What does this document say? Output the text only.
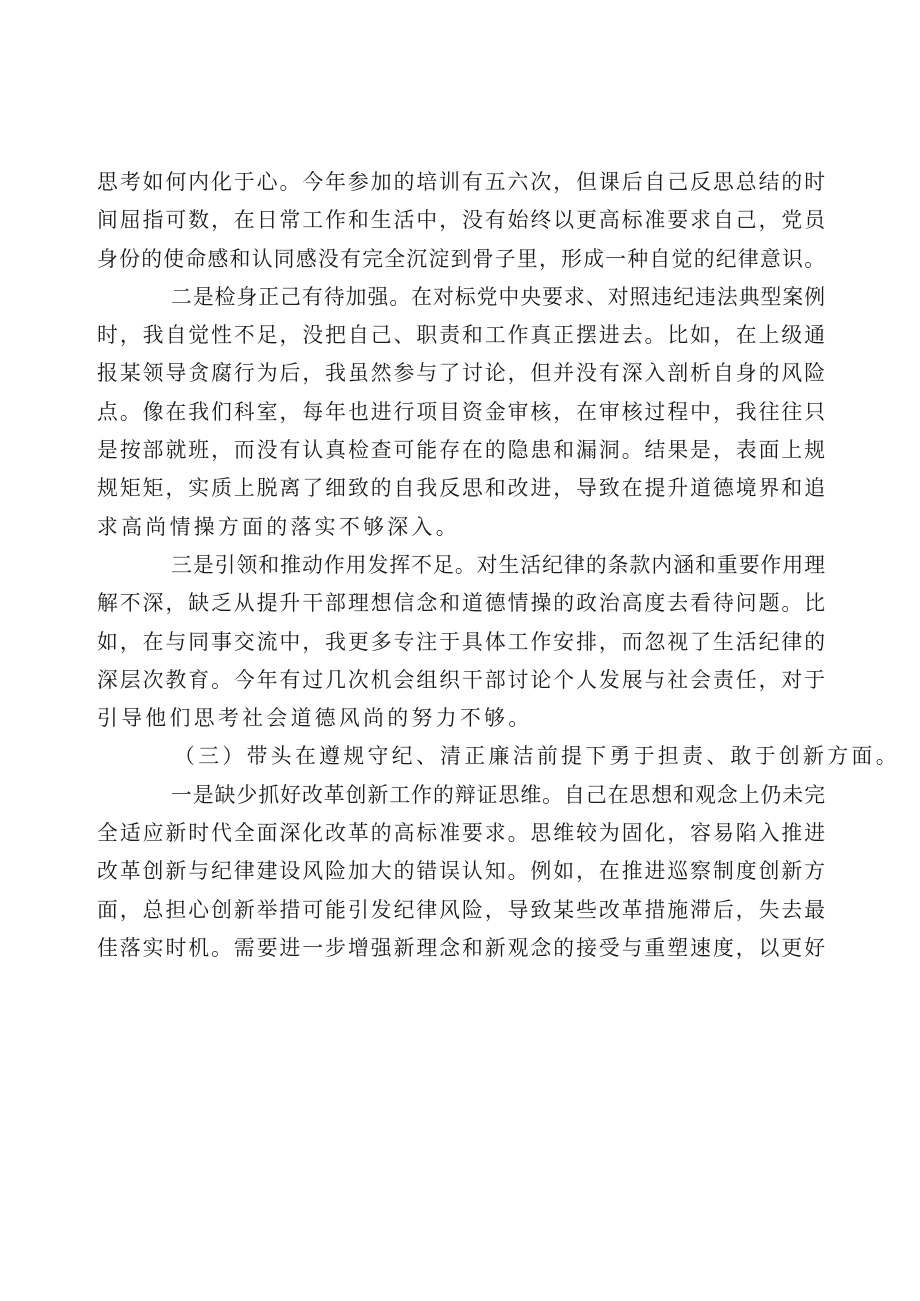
思考如何内化于心。今年参加的培训有五六次，但课后自己反思总结的时
间屈指可数，在日常工作和生活中，没有始终以更高标准要求自己，党员
身份的使命感和认同感没有完全沉淀到骨子里，形成一种自觉的纪律意识。
二是检身正己有待加强。在对标党中央要求、对照违纪违法典型案例
时，我自觉性不足，没把自己、职责和工作真正摆进去。比如，在上级通
报某领导贪腐行为后，我虽然参与了讨论，但并没有深入剖析自身的风险
点。像在我们科室，每年也进行项目资金审核，在审核过程中，我往往只
是按部就班，而没有认真检查可能存在的隐患和漏洞。结果是，表面上规
规矩矩，实质上脱离了细致的自我反思和改进，导致在提升道德境界和追
求高尚情操方面的落实不够深入。
三是引领和推动作用发挥不足。对生活纪律的条款内涵和重要作用理
解不深，缺乏从提升干部理想信念和道德情操的政治高度去看待问题。比
如，在与同事交流中，我更多专注于具体工作安排，而忽视了生活纪律的
深层次教育。今年有过几次机会组织干部讨论个人发展与社会责任，对于
引导他们思考社会道德风尚的努力不够。
（三）带头在遵规守纪、清正廉洁前提下勇于担责、敢于创新方面。
一是缺少抓好改革创新工作的辩证思维。自己在思想和观念上仍未完
全适应新时代全面深化改革的高标准要求。思维较为固化，容易陷入推进
改革创新与纪律建设风险加大的错误认知。例如，在推进巡察制度创新方
面，总担心创新举措可能引发纪律风险，导致某些改革措施滞后，失去最
佳落实时机。需要进一步增强新理念和新观念的接受与重塑速度，以更好
